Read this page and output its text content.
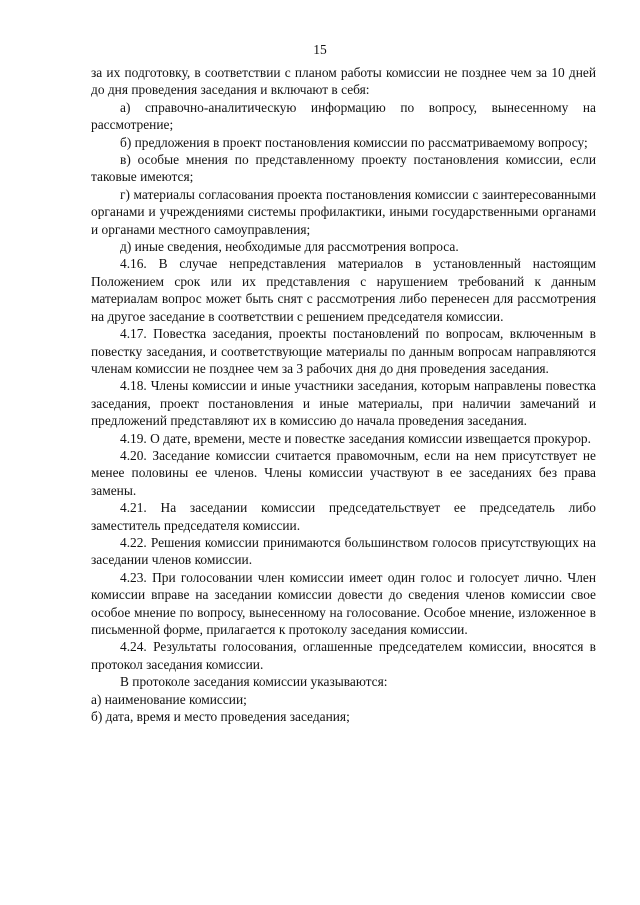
15

за их подготовку, в соответствии с планом работы комиссии не позднее чем за 10 дней до дня проведения заседания и включают в себя:

а) справочно-аналитическую информацию по вопросу, вынесенному на рассмотрение;

б) предложения в проект постановления комиссии по рассматриваемому вопросу;

в) особые мнения по представленному проекту постановления комиссии, если таковые имеются;

г) материалы согласования проекта постановления комиссии с заинтересованными органами и учреждениями системы профилактики, иными государственными органами и органами местного самоуправления;

д) иные сведения, необходимые для рассмотрения вопроса.

4.16. В случае непредставления материалов в установленный настоящим Положением срок или их представления с нарушением требований к данным материалам вопрос может быть снят с рассмотрения либо перенесен для рассмотрения на другое заседание в соответствии с решением председателя комиссии.

4.17. Повестка заседания, проекты постановлений по вопросам, включенным в повестку заседания, и соответствующие материалы по данным вопросам направляются членам комиссии не позднее чем за 3 рабочих дня до дня проведения заседания.

4.18. Члены комиссии и иные участники заседания, которым направлены повестка заседания, проект постановления и иные материалы, при наличии замечаний и предложений представляют их в комиссию до начала проведения заседания.

4.19. О дате, времени, месте и повестке заседания комиссии извещается прокурор.

4.20. Заседание комиссии считается правомочным, если на нем присутствует не менее половины ее членов. Члены комиссии участвуют в ее заседаниях без права замены.

4.21. На заседании комиссии председательствует ее председатель либо заместитель председателя комиссии.

4.22. Решения комиссии принимаются большинством голосов присутствующих на заседании членов комиссии.

4.23. При голосовании член комиссии имеет один голос и голосует лично. Член комиссии вправе на заседании комиссии довести до сведения членов комиссии свое особое мнение по вопросу, вынесенному на голосование. Особое мнение, изложенное в письменной форме, прилагается к протоколу заседания комиссии.

4.24. Результаты голосования, оглашенные председателем комиссии, вносятся в протокол заседания комиссии.

В протоколе заседания комиссии указываются:

а) наименование комиссии;

б) дата, время и место проведения заседания;
